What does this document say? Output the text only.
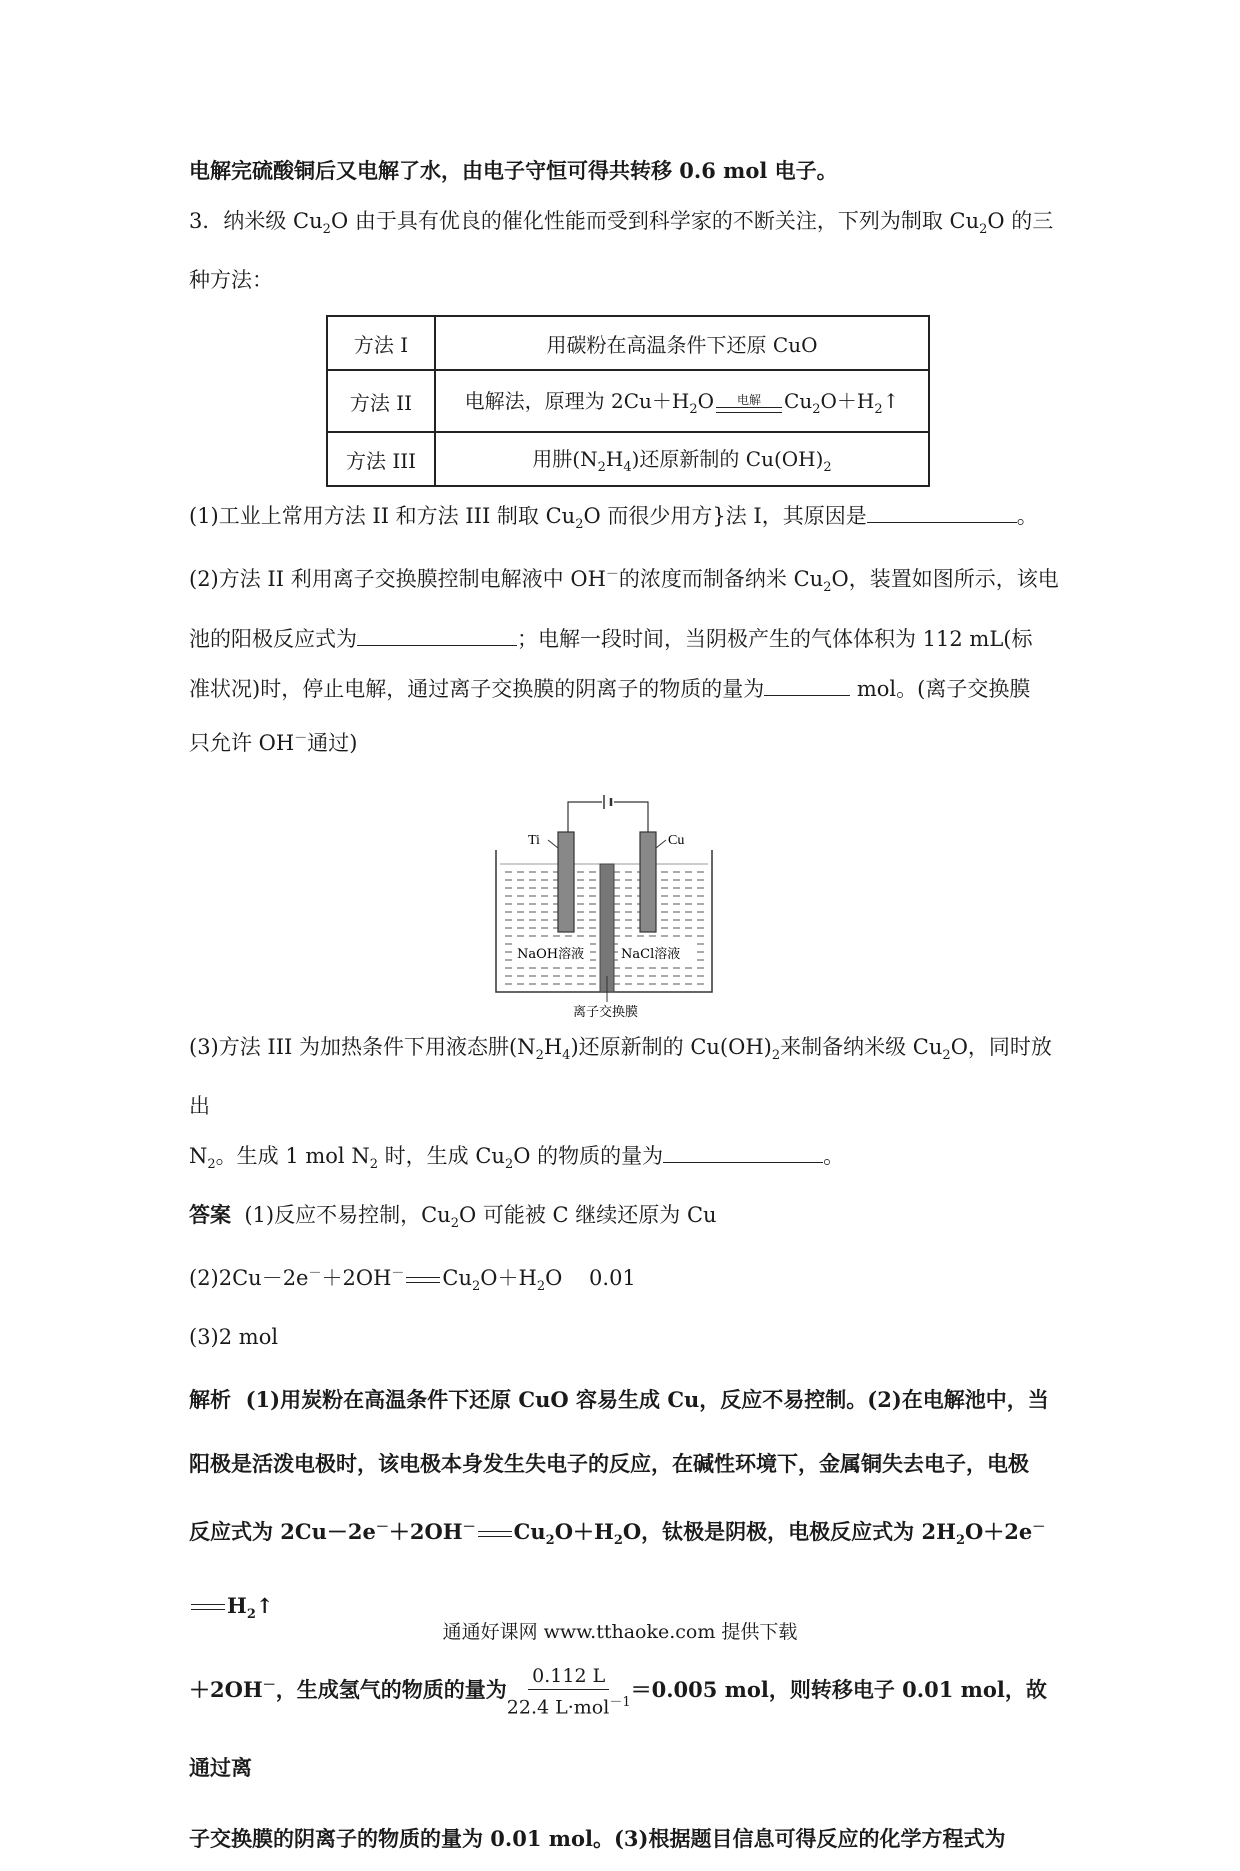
电解完硫酸铜后又电解了水，由电子守恒可得共转移 0.6 mol 电子。

3．纳米级 $Cu_2O$ 由于具有优良的催化性能而受到科学家的不断关注，下列为制取 $Cu_2O$ 的三

种方法：

方法 I	用碳粉在高温条件下还原 CuO
方法 II	电解法，原理为 $2Cu+H_2O$ 电解 $Cu_2O+H_2↑$
方法 III	用肼$(N_2H_4)$还原新制的 $Cu(OH)_2$

(1)工业上常用方法 II 和方法 III 制取 $Cu_2O$ 而很少用方}法 I，其原因是	。

(2)方法 II 利用离子交换膜控制电解液中 OH－的浓度而制备纳米 $Cu_2O$，装置如图所示，该电

池的阳极反应式为	；电解一段时间，当阴极产生的气体体积为 112 mL(标

准状况)时，停止电解，通过离子交换膜的阴离子的物质的量为	mol。(离子交换膜

只允许 OH－通过)

Ti	Cu
NaOH溶液	NaCl溶液
离子交换膜

(3)方法 III 为加热条件下用液态肼$(N_2H_4)$还原新制的 $Cu(OH)_2$来制备纳米级 $Cu_2O$，同时放出

$N_2$。生成 1 mol $N_2$ 时，生成 $Cu_2O$ 的物质的量为	。

答案 (1)反应不易控制，$Cu_2O$ 可能被 C 继续还原为 Cu

(2)2Cu－2e－＋2OH－ $Cu_2O+H_2O$ 0.01

(3)2 mol

解析 (1)用炭粉在高温条件下还原 CuO 容易生成 Cu，反应不易控制。(2)在电解池中，当

阳极是活泼电极时，该电极本身发生失电子的反应，在碱性环境下，金属铜失去电子，电极

反应式为 2Cu－2e－＋2OH－ $Cu_2O+H_2O$，钛极是阴极，电极反应式为 $2H_2O+2e^-H_2↑$

＋2OH－，生成氢气的物质的量为 $\frac{0.112 L}{22.4 L\cdot mol^{-1}} =0.005$ mol，则转移电子 0.01 mol，故通过离

子交换膜的阴离子的物质的量为 0.01 mol。(3)根据题目信息可得反应的化学方程式为

通通好课网 www.tthaoke.com 提供下载
